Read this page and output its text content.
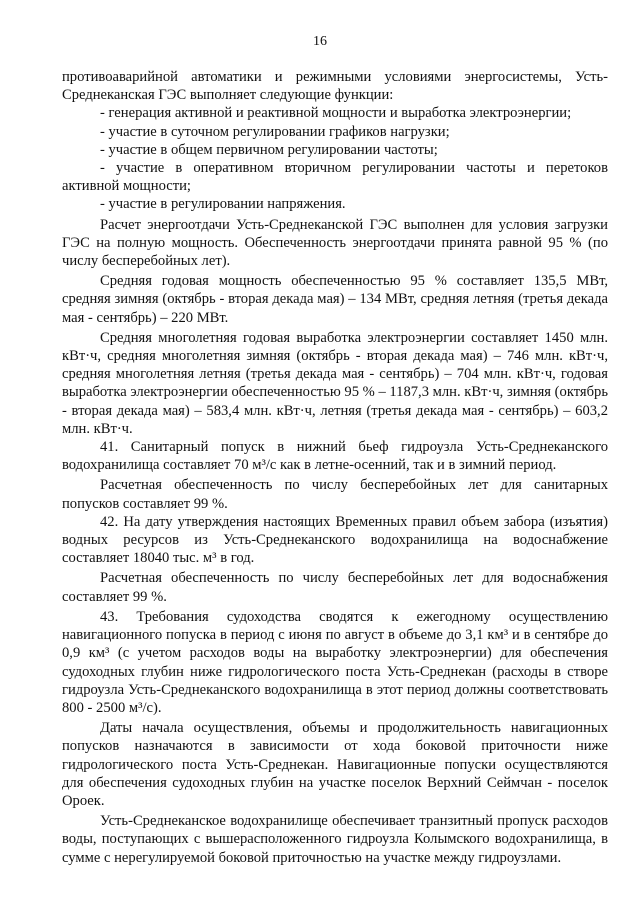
16

противоаварийной автоматики и режимными условиями энергосистемы, Усть-Среднеканская ГЭС выполняет следующие функции:

- генерация активной и реактивной мощности и выработка электроэнергии;

- участие в суточном регулировании графиков нагрузки;

- участие в общем первичном регулировании частоты;

- участие в оперативном вторичном регулировании частоты и перетоков активной мощности;

- участие в регулировании напряжения.

Расчет энергоотдачи Усть-Среднеканской ГЭС выполнен для условия загрузки ГЭС на полную мощность. Обеспеченность энергоотдачи принята равной 95 % (по числу бесперебойных лет).

Средняя годовая мощность обеспеченностью 95 % составляет 135,5 МВт, средняя зимняя (октябрь - вторая декада мая) – 134 МВт, средняя летняя (третья декада мая - сентябрь) – 220 МВт.

Средняя многолетняя годовая выработка электроэнергии составляет 1450 млн. кВт·ч, средняя многолетняя зимняя (октябрь - вторая декада мая) – 746 млн. кВт·ч, средняя многолетняя летняя (третья декада мая - сентябрь) – 704 млн. кВт·ч, годовая выработка электроэнергии обеспеченностью 95 % – 1187,3 млн. кВт·ч, зимняя (октябрь - вторая декада мая) – 583,4 млн. кВт·ч, летняя (третья декада мая - сентябрь) – 603,2 млн. кВт·ч.

41. Санитарный попуск в нижний бьеф гидроузла Усть-Среднеканского водохранилища составляет 70 м³/с как в летне-осенний, так и в зимний период.

Расчетная обеспеченность по числу бесперебойных лет для санитарных попусков составляет 99 %.

42. На дату утверждения настоящих Временных правил объем забора (изъятия) водных ресурсов из Усть-Среднеканского водохранилища на водоснабжение составляет 18040 тыс. м³ в год.

Расчетная обеспеченность по числу бесперебойных лет для водоснабжения составляет 99 %.

43. Требования судоходства сводятся к ежегодному осуществлению навигационного попуска в период с июня по август в объеме до 3,1 км³ и в сентябре до 0,9 км³ (с учетом расходов воды на выработку электроэнергии) для обеспечения судоходных глубин ниже гидрологического поста Усть-Среднекан (расходы в створе гидроузла Усть-Среднеканского водохранилища в этот период должны соответствовать 800 - 2500 м³/с).

Даты начала осуществления, объемы и продолжительность навигационных попусков назначаются в зависимости от хода боковой приточности ниже гидрологического поста Усть-Среднекан. Навигационные попуски осуществляются для обеспечения судоходных глубин на участке поселок Верхний Сеймчан - поселок Ороек.

Усть-Среднеканское водохранилище обеспечивает транзитный пропуск расходов воды, поступающих с вышерасположенного гидроузла Колымского водохранилища, в сумме с нерегулируемой боковой приточностью на участке между гидроузлами.
